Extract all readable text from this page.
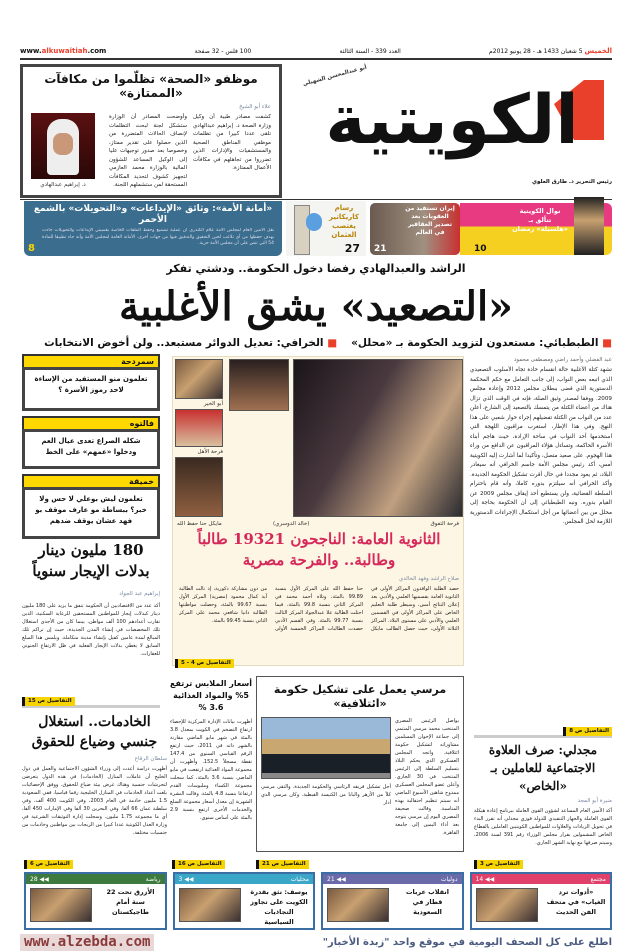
www.alkuwaitiah.com	100 فلس - 32 صفحة	العدد 339 - السنة الثالثة	الخميس 5 شعبان 1433 هـ - 28 يونيو 2012م
موظفو «الصحة» تظلّموا من مكافآت «الممتازة»
علاء أبو الشيخ
كشفت مصادر طبية أن وكيل وزارة الصحة د. إبراهيم عبدالهادي تلقى عددا كبيرا من تظلمات موظفي المناطق الصحية والمستشفيات والإدارات الذين تضرروا من تجاهلهم في مكافآت الأعمال الممتازة.
وأوضحت المصادر أن الوزارة ستشكل لجنة لبحث التظلمات لإنصاف الحالات المتضررة من الذين حصلوا على تقدير ممتاز، وخصوصا بعد صدور توجيهات عليا إلى الوكيل المساعد للشؤون المالية بالوزارة محمد العازمي لتجهيز كشوف لتحديد المكافآت المستحقة لمن ستشملهم اللجنة.
د. إبراهيم عبدالهادي
أبو عبدالمحسن الشهيلي
الكويتية
رئيس التحرير د. طارق العلوي
«أمانة الأمة»: وثائق «الإيداعات» و«التحويلات» بالشمع الأحمر
نقل الأمين العام لمجلس الأمة علام الكندري أن عملية تشميع وحفظ الملفات الخاصة بقضيتي الإيداعات والتحويلات جاءت بهدف حفظها من أي تلاعب لحين التحقيق والتدقيق فيها من جهات أخرى. الأمانة العامة لمجلس الأمة وأنه جاء تطبيقا للمادة 54 التي تنص على أن مجلس الأمة حرية.
8
رسام كاريكاتير يغتصب العثمان
27
إيران تستفيد من العقوبات بعد تصدير العقاقير في العالم
21
نوال الكويتية تتألق بـ «هلسيلة» رمضان
10
الراشد والعبدالهادي رفضا دخول الحكومة.. ودشتي تفكر
«التصعيد» يشق الأغلبية
■ الطبطبائي: مستعدون لتزويد الحكومة بـ «محلل»
■ الخرافي: تعديل الدوائر مستبعد.. ولن أخوض الانتخابات
عبد الفضلي وأحمد راضي ومصطفى محمود
تشهد كتلة الأغلبية حالة انقسام حادة تجاه الأسلوب التصعيدي الذي اتبعه بعض النواب، إلى جانب التعامل مع حكم المحكمة الدستورية الذي قضى ببطلان مجلس 2012 وإعادة مجلس 2009. ووفقا لمصدر وثيق الصلة، فإنه في الوقت الذي تزال هناك من أعضاء الكتلة من يتمسك بالتصعيد إلى الشارع، أعلن عدد من النواب من الكتلة تفضيلهم إجراء حوار شعبي على هذا النهج. وفي هذا الإطار، استغرب مراقبون اللهجة التي استخدمها أحد النواب في ساحة الإرادة، حيث هاجم أبناء الأسرة الحاكمة، وتساءل هؤلاء المراقبون عن الدافع من وراء هذا الهجوم. على صعيد متصل، وتأكيدا لما أشارت إليه الكويتية أمس، أكد رئيس مجلس الأمة جاسم الخرافي أنه سيغادر البلاد، ثم يعود مجددا في حال أقرت تشكيل الحكومة الجديدة. وأكد الخرافي أنه سيلتزم بدوره كاملا، وأنه قام باحترام السلطة القضائية، ولن يستطيع أحد إيقاف مجلس 2009 عن القيام بدوره. ونبه الطبطبائي إلى أن الحكومة بحاجة إلى محلل من بين أعضائها من أجل استكمال الإجراءات الدستورية اللازمة لحل المجلس.
التفاصيل ص 8
سمردحة
تعلمون منو المستفيد من الإساءة لاحد رموز الأسرة ؟
فالتوه
شكله الصراع تعدى عيال العم ودخلوا «عمهم» على الخط
خميقة
تعلمون ليش بوعلي لا حس ولا خبر؟ ببساطة مو عارف موقف بو فهد عشان يوقف ضدهم
180 مليون دينار بدلات الإيجار سنوياً
إبراهيم عبد الجواد
أكد عدد من الاقتصاديين أن الحكومة تنفق ما يزيد على 180 مليون دينار كبدلات إيجار للمواطنين المستحقين للرعاية السكنية، الذين تقارب أعدادهم 100 ألف مواطن، بينما كان من الأجدى استغلال تلك المخصصات في إنشاء المدن الجديدة، حيث إن تراكم تلك المبالغ لمدة عامين كفيل بإنشاء مدينة متكاملة. ويلمس هذا المبلغ السابق لا يغطي بدلات الإيجار الفعلية في ظل الارتفاع الجنوني للعقارات.
التفاصيل ص 15
الخادمات.. استغلال جنسي وضياع للحقوق
سلطان الرقاع
أظهرت دراسة أعدت إلى وزراء الشؤون الاجتماعية والعمل في دول الخليج أن عاملات المنازل (الخادمات) في هذه الدول يتعرضن لتحرشات جنسية وهناك غرض بيئة ضياع للحقوق. ووفق الإحصائيات بلغت أعداد الخادمات في المنازل الخليجية رقما قياسيا، ففي السعودية 1.5 مليون خادمة في العام 2003، وفي الكويت 400 ألف، وفي سلطنة عمان 66 ألفا، وفي البحرين 30 ألفا وفي الإمارات 450 ألفا، أي ما مجموعه 1.75 مليون. وسجلت إدارة التوثيقات الشرعية في وزارة العدل الكويتية عددا كبيرا من الزيجات بين مواطنين وخادمات من جنسيات مختلفة.
التفاصيل ص 6
فرحة التفوق
(خالد الدوسري)
مايكل حنا حفظ الله
أبو الخير
فرحة الأهل
الثانوية العامة: الناجحون 19321 طالباً وطالبة.. والفرحة مصرية
صلاح الراشد وفهد الخالدي
حصد الطلبة الوافدون المراكز الأولى في الثانوية العامة بقسميها العلمي والأدبي بعد إعلان النتائج أمس، وسيطر طلبة التعليم الخاص على المراكز الأولى في القسمين العلمي والأدبي على مستوى البلاد. المراكز الثلاثة الأولى، حيث حصل الطالب مايكل حنا حفظ الله على المركز الأول بنسبة 99.89 بالمئة، وتلاه أحمد محمد في المركز الثاني بنسبة 99.8 بالمئة، فيما احتلت الطالبة علا عبدالجواد المركز الثالث بنسبة 99.77 بالمئة. وفي القسم الأدبي حصدت الطالبات المراكز الخمسة الأولى من دون مشاركة ذكورية، إذ نالت الطالبة آية كمال محمود (مصرية) المركز الأول بنسبة 99.67 بالمئة، وحصلت مواطنتها الطالبة دانيا شافعي محمد على المركز الثاني بنسبة 99.45 بالمئة.
التفاصيل ص 4 - 5
أسعار الملابس ترتفع 5% والمواد الغذائية 3.6 %
أظهرت بيانات الإدارة المركزية للإحصاء ارتفاع التضخم في الكويت بمعدل 3.8 بالمئة في شهر مايو الماضي مقارنة بالشهر ذاته في 2011، حيث ارتفع الرقم القياسي السنوي من 147.4 نقطة مسجلاً 152.5. وأظهرت أن مجموعة المواد الغذائية ارتفعت في مايو الماضي بنسبة 3.6 بالمئة، كما سجلت مجموعة الكساء وملبوسات القدم ارتفاعا بنسبة 4.8 بالمئة. وقالت النشرة الشهرية إن معدل أسعار مجموعة السلع والخدمات الأخرى ارتفع بنسبة 2.9 بالمئة على أساس سنوي.
التفاصيل ص 16
مرسي يعمل على تشكيل حكومة «ائتلافية»
يواصل الرئيس المصري المنتخب محمد مرسي المنتمي إلى جماعة الإخوان المسلمين مشاوراته لتشكيل حكومة ائتلافية. واتجه المجلس العسكري الذي يحكم البلاد بتسليم السلطة إلى الرئيس المنتخب في 30 الجاري. وأعلن عضو المجلس العسكري ممدوح شاهين الأسبوع الماضي أنه سيتم تنظيم احتفالية بهذه المناسبة. وقالت صحيفة المصري اليوم إن مرسي يتوجه بعد أداء اليمين إلى جامعة القاهرة.
أجل تشكيل فريقه الرئاسي والحكومة الجديدة. والتقى مرسي كلاً من الأزهر والبابا من الكنيسة القبطية. وكان مرسي الذي أدار
التفاصيل ص 21
مجدلي: صرف العلاوة الاجتماعية للعاملين بـ «الخاص»
منيرة أبو المجد
أكد الأمين العام المساعد لشؤون القوى العاملة ببرنامج إعادة هيكلة القوى العاملة والجهاز التنفيذي للدولة فوزي مجدلي أنه تقرر البدء في تحويل الزيادات والعلاوات للمواطنين الكويتيين العاملين بالقطاع الخاص المشمولين بقرار مجلس الوزراء رقم 391 لسنة 2006، وسيتم صرفها مع نهاية الشهر الجاري.
التفاصيل ص 3
رياضة
◀◀ 28
الأزرق تحت 22 سنة أمام طاجيكستان
محليات
◀◀ 3
يوسف: نثق بقدرة الكويت على تجاوز التجاذبات السياسية
دوليات
◀◀ 21
انقلاب عربات قطار في السعودية
مجتمع
◀◀ 14
«أدوات ترد الغياب» في متحف الفن الحديث
www.alzebda.com	اطلع على كل الصحف اليومية في موقع واحد "زبدة الأخبار"
